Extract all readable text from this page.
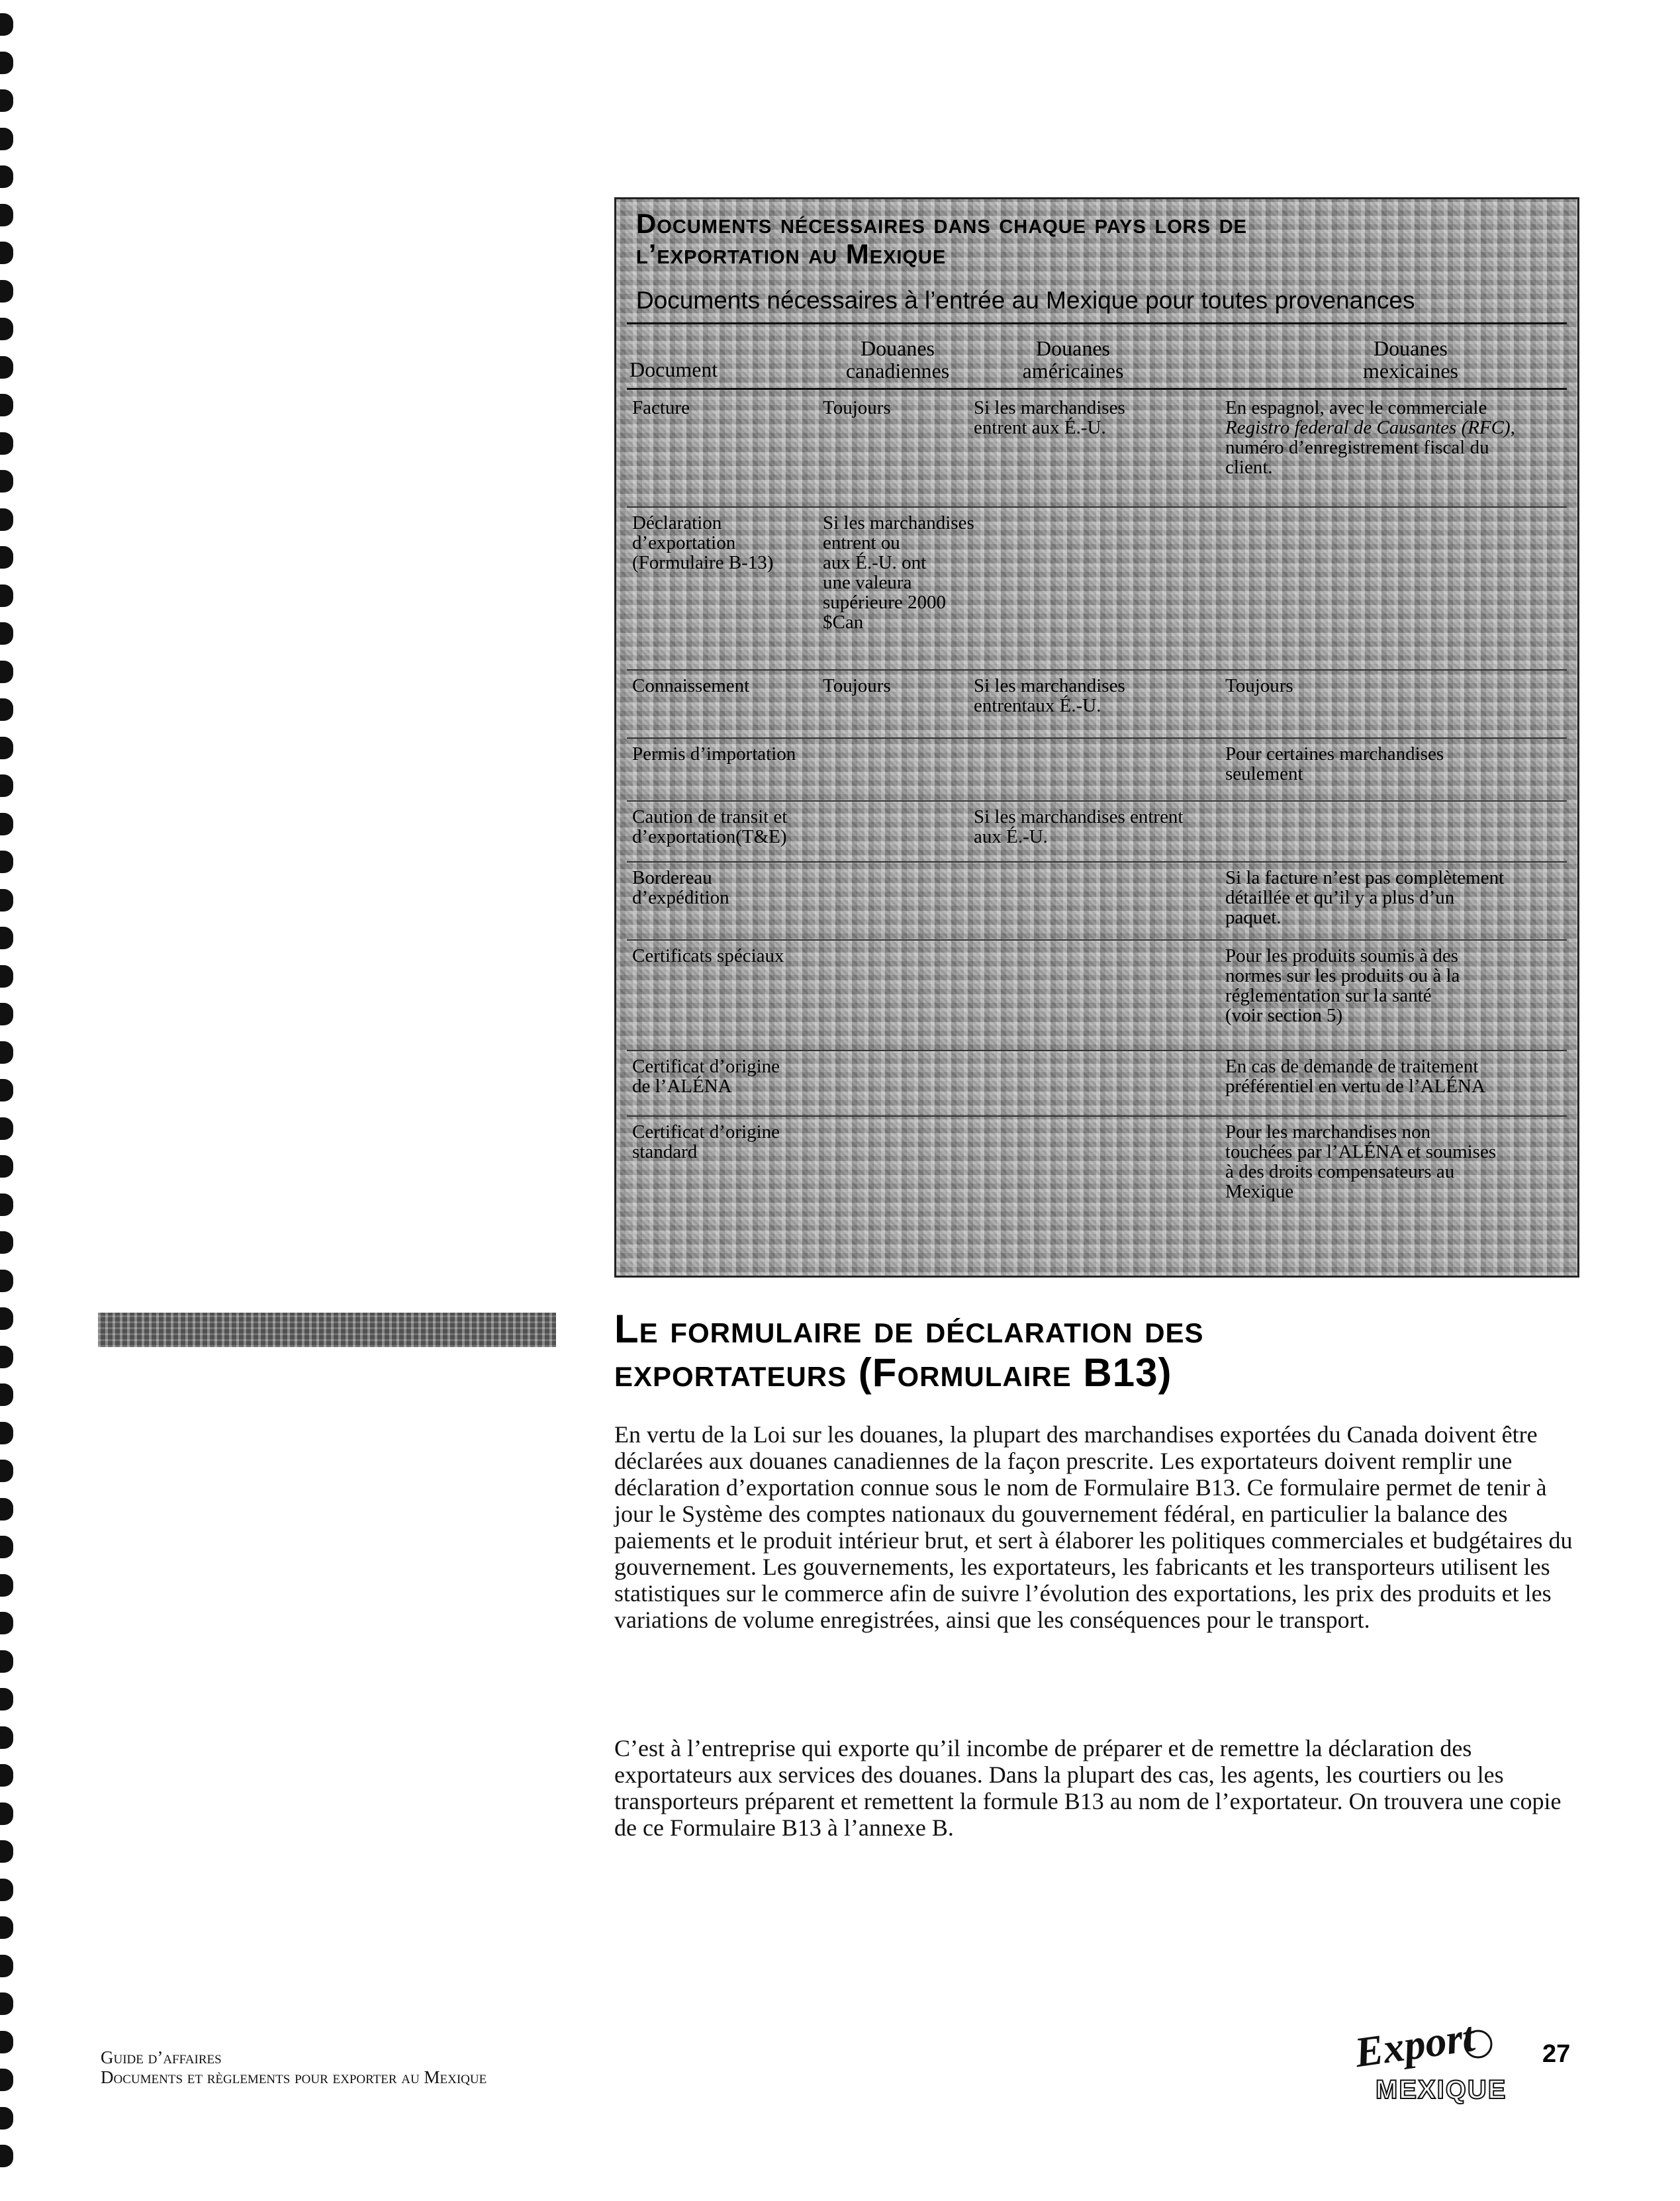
Documents nécessaires dans chaque pays lors de
l’exportation au Mexique
Documents nécessaires à l’entrée au Mexique pour toutes provenances
Document
Douanes
canadiennes
Douanes
américaines
Douanes
mexicaines
Facture
Déclaration
d’exportation
(Formulaire B-13)
Connaissement
Permis d’importation
Caution de transit et
d’exportation(T&E)
Bordereau
d’expédition
Certificats spéciaux
Certificat d’origine
de l’ALÉNA
Certificat d’origine
standard
Toujours
Si les marchandises
entrent ou
aux É.-U. ont
une valeura
supérieure 2000
$Can
Toujours
Si les marchandises
entrent aux É.-U.
Si les marchandises
entrentaux É.-U.
Si les marchandises entrent
aux É.-U.
En espagnol, avec le commerciale
Registro federal de Causantes (RFC),
numéro d’enregistrement fiscal du
client.
Toujours
Pour certaines marchandises
seulement
Si la facture n’est pas complètement
détaillée et qu’il y a plus d’un
paquet.
Pour les produits soumis à des
normes sur les produits ou à la
réglementation sur la santé
(voir section 5)
En cas de demande de traitement
préférentiel en vertu de l’ALÉNA
Pour les marchandises non
touchées par l’ALÉNA et soumises
à des droits compensateurs au
Mexique
Le formulaire de déclaration des
exportateurs (Formulaire B13)

En vertu de la Loi sur les douanes, la plupart des marchandises exportées du Canada doivent être déclarées aux douanes canadiennes de la façon prescrite. Les exportateurs doivent remplir une déclaration d’exportation connue sous le nom de Formulaire B13. Ce formulaire permet de tenir à jour le Système des comptes nationaux du gouvernement fédéral, en particulier la balance des paiements et le produit intérieur brut, et sert à élaborer les politiques commerciales et budgétaires du gouvernement. Les gouvernements, les exportateurs, les fabricants et les transporteurs utilisent les statistiques sur le commerce afin de suivre l’évolution des exportations, les prix des produits et les variations de volume enregistrées, ainsi que les conséquences pour le transport.

C’est à l’entreprise qui exporte qu’il incombe de préparer et de remettre la déclaration des exportateurs aux services des douanes. Dans la plupart des cas, les agents, les courtiers ou les transporteurs préparent et remettent la formule B13 au nom de l’exportateur. On trouvera une copie de ce Formulaire B13 à l’annexe B.

Guide d’affaires
Documents et règlements pour exporter au Mexique
Export
MEXIQUE
27
